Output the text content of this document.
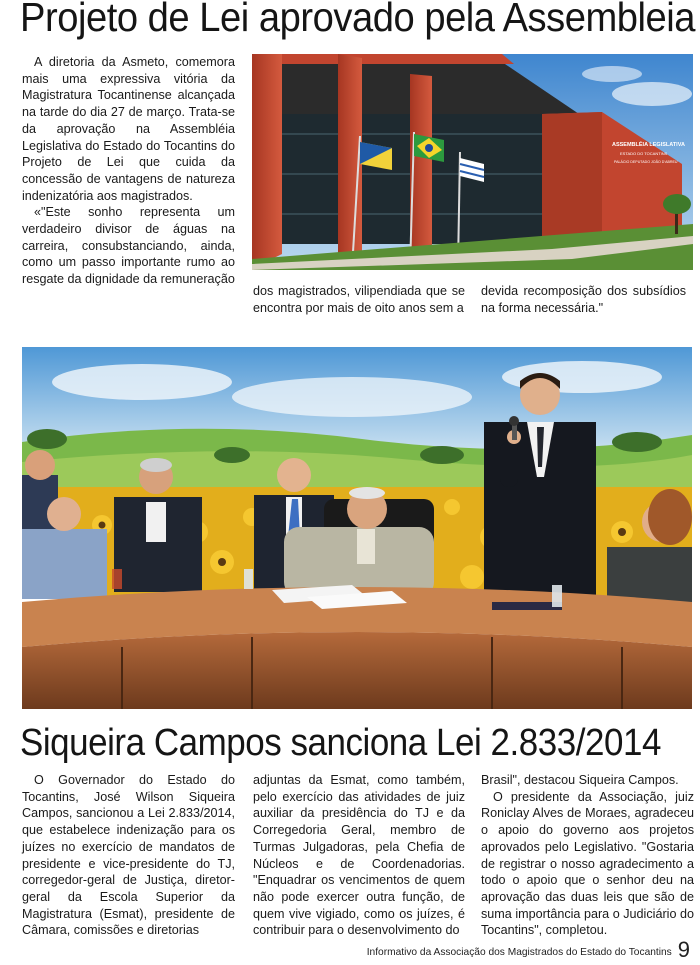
Projeto de Lei aprovado pela Assembleia

A diretoria da Asmeto, comemora mais uma expressiva vitória da Magistratura Tocantinense alcançada na tarde do dia 27 de março. Trata-se da aprovação na Assembléia Legislativa do Estado do Tocantins do Projeto de Lei que cuida da concessão de vantagens de natureza indenizatória aos magistrados.

«"Este sonho representa um verdadeiro divisor de águas na carreira, consubstanciando, ainda, como um passo importante rumo ao resgate da dignidade da remuneração

dos magistrados, vilipendiada que se encontra por mais de oito anos sem a

devida recomposição dos subsídios na forma necessária."

ASSEMBLÉIA LEGISLATIVA
ESTADO DO TOCANTINS
PALÁCIO DEPUTADO JOÃO D'ABREU
Siqueira Campos sanciona Lei 2.833/2014

O Governador do Estado do Tocantins, José Wilson Siqueira Campos, sancionou a Lei 2.833/2014, que estabelece indenização para os juízes no exercício de mandatos de presidente e vice-presidente do TJ, corregedor-geral de Justiça, diretor-geral da Escola Superior da Magistratura (Esmat), presidente de Câmara, comissões e diretorias

adjuntas da Esmat, como também, pelo exercício das atividades de juiz auxiliar da presidência do TJ e da Corregedoria Geral, membro de Turmas Julgadoras, pela Chefia de Núcleos e de Coordenadorias. "Enquadrar os vencimentos de quem não pode exercer outra função, de quem vive vigiado, como os juízes, é contribuir para o desenvolvimento do

Brasil", destacou Siqueira Campos.

O presidente da Associação, juiz Roniclay Alves de Moraes, agradeceu o apoio do governo aos projetos aprovados pelo Legislativo. "Gostaria de registrar o nosso agradecimento a todo o apoio que o senhor deu na aprovação das duas leis que são de suma importância para o Judiciário do Tocantins", completou.

Informativo da Associação dos Magistrados do Estado do Tocantins 9
